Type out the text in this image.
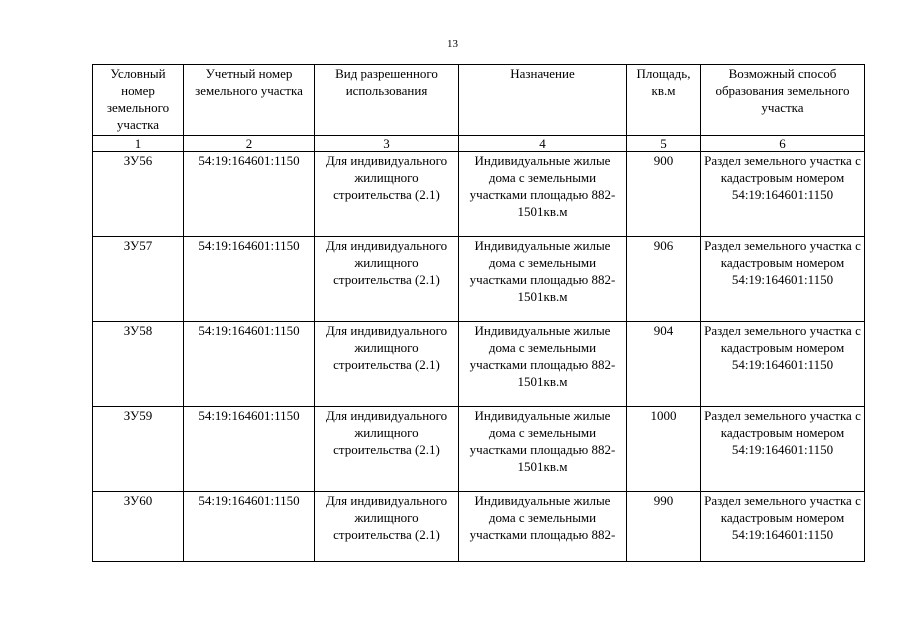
13
Условный номер земельного участка	Учетный номер земельного участка	Вид разрешенного использования	Назначение	Площадь, кв.м	Возможный способ образования земельного участка
1	2	3	4	5	6
ЗУ56	54:19:164601:1150	Для индивидуального жилищного строительства (2.1)	Индивидуальные жилые дома с земельными участками площадью 882-1501кв.м	900	Раздел земельного участка с кадастровым номером 54:19:164601:1150
ЗУ57	54:19:164601:1150	Для индивидуального жилищного строительства (2.1)	Индивидуальные жилые дома с земельными участками площадью 882-1501кв.м	906	Раздел земельного участка с кадастровым номером 54:19:164601:1150
ЗУ58	54:19:164601:1150	Для индивидуального жилищного строительства (2.1)	Индивидуальные жилые дома с земельными участками площадью 882-1501кв.м	904	Раздел земельного участка с кадастровым номером 54:19:164601:1150
ЗУ59	54:19:164601:1150	Для индивидуального жилищного строительства (2.1)	Индивидуальные жилые дома с земельными участками площадью 882-1501кв.м	1000	Раздел земельного участка с кадастровым номером 54:19:164601:1150

ЗУ60	54:19:164601:1150	Для индивидуального жилищного строительства (2.1)	Индивидуальные жилые дома с земельными участками площадью 882-	990	Раздел земельного участка с кадастровым номером 54:19:164601:1150
